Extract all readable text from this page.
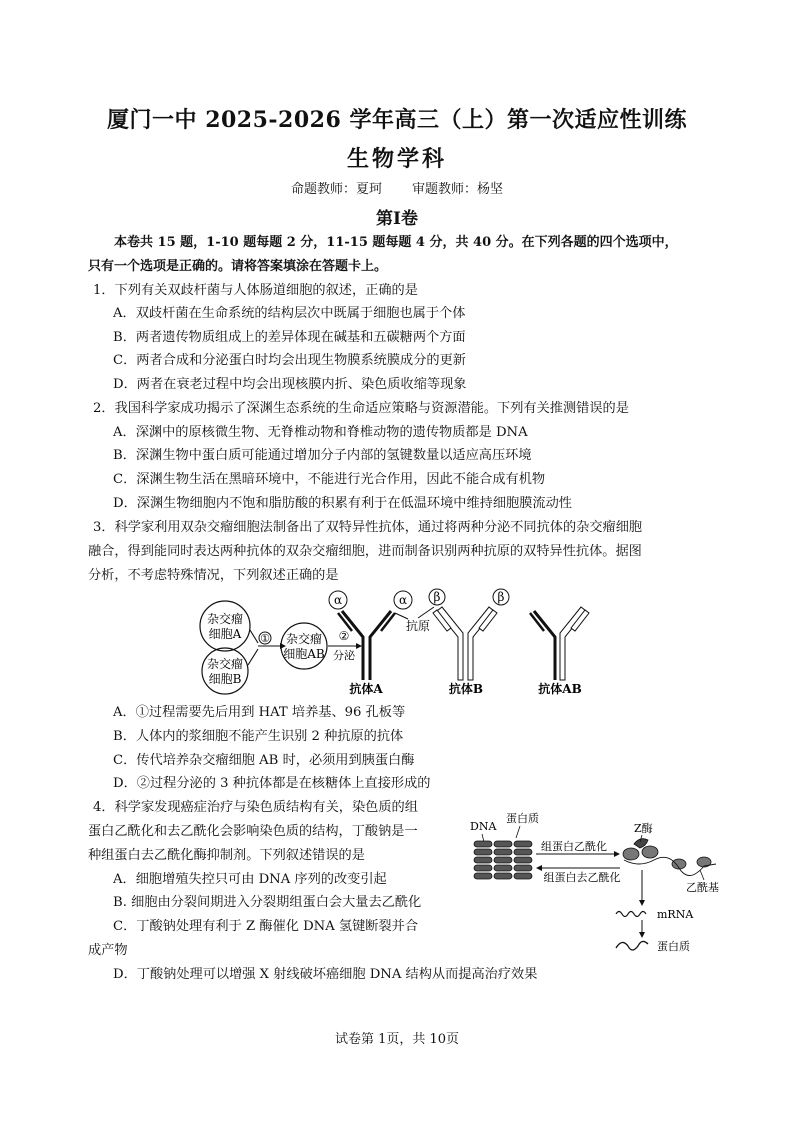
厦门一中 2025-2026 学年高三（上）第一次适应性训练
生物学科
命题教师：夏珂 审题教师：杨坚
第Ⅰ卷
本卷共 15 题，1-10 题每题 2 分，11-15 题每题 4 分，共 40 分。在下列各题的四个选项中，
只有一个选项是正确的。请将答案填涂在答题卡上。
1．下列有关双歧杆菌与人体肠道细胞的叙述，正确的是
A．双歧杆菌在生命系统的结构层次中既属于细胞也属于个体
B．两者遗传物质组成上的差异体现在碱基和五碳糖两个方面
C．两者合成和分泌蛋白时均会出现生物膜系统膜成分的更新
D．两者在衰老过程中均会出现核膜内折、染色质收缩等现象
2．我国科学家成功揭示了深渊生态系统的生命适应策略与资源潜能。下列有关推测错误的是
A．深渊中的原核微生物、无脊椎动物和脊椎动物的遗传物质都是 DNA
B．深渊生物中蛋白质可能通过增加分子内部的氢键数量以适应高压环境
C．深渊生物生活在黑暗环境中，不能进行光合作用，因此不能合成有机物
D．深渊生物细胞内不饱和脂肪酸的积累有利于在低温环境中维持细胞膜流动性
3．科学家利用双杂交瘤细胞法制备出了双特异性抗体，通过将两种分泌不同抗体的杂交瘤细胞
融合，得到能同时表达两种抗体的双杂交瘤细胞，进而制备识别两种抗原的双特异性抗体。据图
分析，不考虑特殊情况，下列叙述正确的是
杂交瘤
细胞A
杂交瘤
细胞B
① 杂交瘤
细胞AB
②
分泌
α	α
抗原
β	β
抗体A	抗体B	抗体AB
A．①过程需要先后用到 HAT 培养基、96 孔板等
B．人体内的浆细胞不能产生识别 2 种抗原的抗体
C．传代培养杂交瘤细胞 AB 时，必须用到胰蛋白酶
D．②过程分泌的 3 种抗体都是在核糖体上直接形成的
4．科学家发现癌症治疗与染色质结构有关，染色质的组
蛋白乙酰化和去乙酰化会影响染色质的结构，丁酸钠是一
种组蛋白去乙酰化酶抑制剂。下列叙述错误的是
A．细胞增殖失控只可由 DNA 序列的改变引起
B. 细胞由分裂间期进入分裂期组蛋白会大量去乙酰化
C．丁酸钠处理有利于 Z 酶催化 DNA 氢键断裂并合
成产物
D．丁酸钠处理可以增强 X 射线破坏癌细胞 DNA 结构从而提高治疗效果
DNA
蛋白质
组蛋白乙酰化
组蛋白去乙酰化
Z酶
乙酰基
mRNA
蛋白质
试卷第 1页，共 10页
